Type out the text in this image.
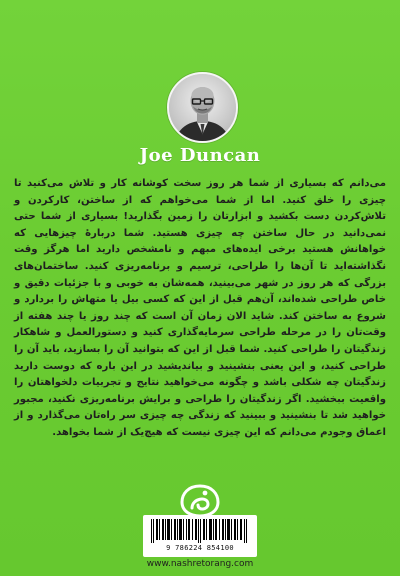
Joe Duncan
می‌دانم که بسیاری از شما هر روز سخت کوشانه کار و تلاش می‌کنید تا چیزی را خلق کنید. اما از شما می‌خواهم که از ساختن، کارکردن و تلاش‌کردن دست بکشید و ابزارتان را زمین بگذارید! بسیاری از شما حتی نمی‌دانید در حال ساختن چه چیزی هستید. شما درباره‌ٔ چیزهایی که خواهانش هستید برخی ایده‌های مبهم و نامشخص دارید اما هرگز وقت نگذاشته‌اید تا آن‌ها را طراحی، ترسیم و برنامه‌ریزی کنید. ساختمان‌های بزرگی که هر روز در شهر می‌بینید، همه‌شان به خوبی و با جزئیات دقیق و خاص طراحی شده‌اند، آن‌هم قبل از این که کسی بیل یا متهاش را بردارد و شروع به ساختن کند. شاید الان زمان آن است که چند روز یا چند هفته از وقت‌تان را در مرحله طراحی سرمایه‌گذاری کنید و دستورالعمل و شاهکار زندگیتان را طراحی کنید. شما قبل از این که بتوانید آن را بسازید، باید آن را طراحی کنید، و این یعنی بنشینید و بیاندیشید در این باره که دوست دارید زندگیتان چه شکلی باشد و چگونه می‌خواهید نتایج و تجربیات دلخواهتان را واقعیت ببخشید. اگر زندگیتان را طراحی و برایش برنامه‌ریزی نکنید، مجبور خواهید شد تا بنشینید و ببینید که زندگی چه چیزی سر راه‌تان می‌گذارد و از اعماق وجودم می‌دانم که این چیزی نیست که هیچ‌یک از شما بخواهد.
9 786224 854100
www.nashretorang.com
